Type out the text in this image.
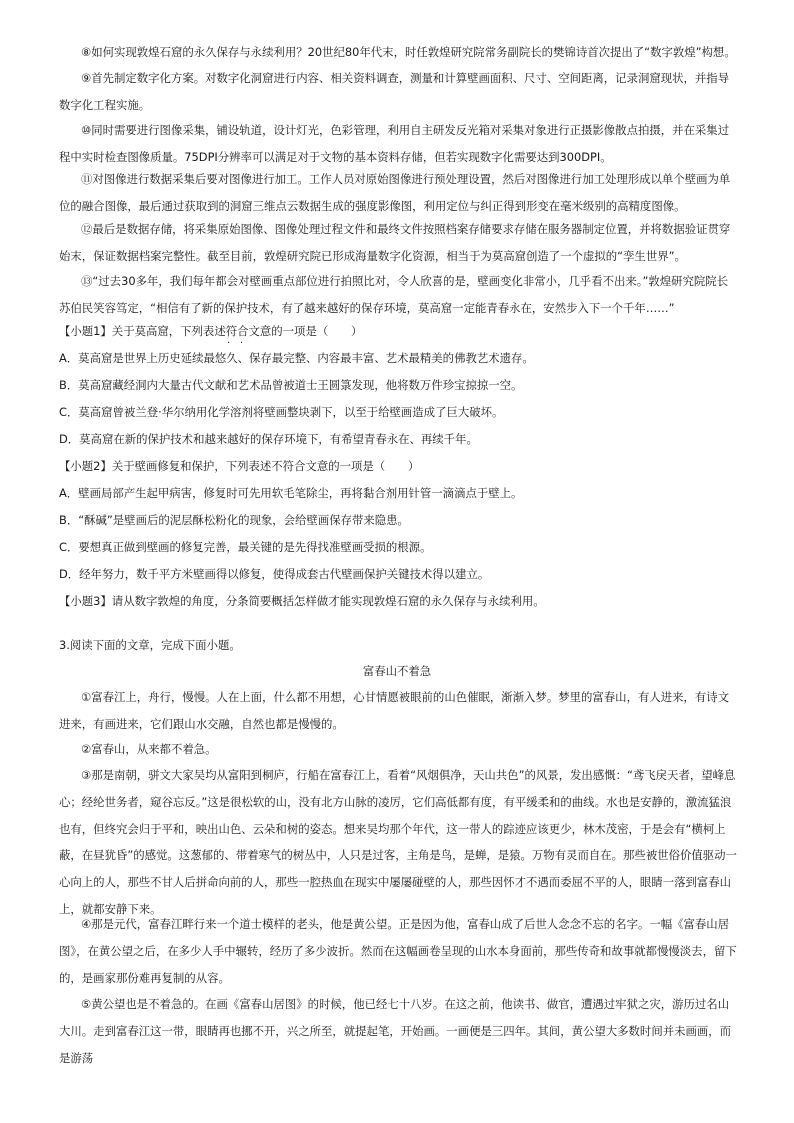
⑧如何实现敦煌石窟的永久保存与永续利用？20世纪80年代末，时任敦煌研究院常务副院长的樊锦诗首次提出了“数字敦煌”构想。

⑨首先制定数字化方案。对数字化洞窟进行内容、相关资料调查，测量和计算壁画面积、尺寸、空间距离，记录洞窟现状，并指导数字化工程实施。

⑩同时需要进行图像采集，铺设轨道，设计灯光，色彩管理，利用自主研发反光箱对采集对象进行正摄影像散点拍摄，并在采集过程中实时检查图像质量。75DPI分辨率可以满足对于文物的基本资料存储，但若实现数字化需要达到300DPI。

⑪对图像进行数据采集后要对图像进行加工。工作人员对原始图像进行预处理设置，然后对图像进行加工处理形成以单个壁画为单位的融合图像，最后通过获取到的洞窟三维点云数据生成的强度影像图，利用定位与纠正得到形变在毫米级别的高精度图像。

⑫最后是数据存储，将采集原始图像、图像处理过程文件和最终文件按照档案存储要求存储在服务器制定位置，并将数据验证贯穿始末，保证数据档案完整性。截至目前，敦煌研究院已形成海量数字化资源，相当于为莫高窟创造了一个虚拟的“孪生世界”。

⑬“过去30多年，我们每年都会对壁画重点部位进行拍照比对，令人欣喜的是，壁画变化非常小，几乎看不出来。”敦煌研究院院长苏伯民笑容笃定，“相信有了新的保护技术，有了越来越好的保存环境，莫高窟一定能青春永在，安然步入下一个千年……”

【小题1】关于莫高窟，下列表述符合文意的一项是（　　）

· ·

A．莫高窟是世界上历史延续最悠久、保存最完整、内容最丰富、艺术最精美的佛教艺术遗存。

B．莫高窟藏经洞内大量古代文献和艺术品曾被道士王圆箓发现，他将数万件珍宝掠掠一空。

C．莫高窟曾被兰登·华尔纳用化学溶剂将壁画整块剥下，以至于给壁画造成了巨大破坏。

D．莫高窟在新的保护技术和越来越好的保存环境下，有希望青春永在、再续千年。

【小题2】关于壁画修复和保护，下列表述不符合文意的一项是（　　）

A．壁画局部产生起甲病害，修复时可先用软毛笔除尘，再将黏合剂用针管一滴滴点于壁上。

B．“酥碱”是壁画后的泥层酥松粉化的现象，会给壁画保存带来隐患。

C．要想真正做到壁画的修复完善，最关键的是先得找准壁画受损的根源。

D．经年努力，数千平方米壁画得以修复，使得成套古代壁画保护关键技术得以建立。

【小题3】请从数字敦煌的角度，分条简要概括怎样做才能实现敦煌石窟的永久保存与永续利用。

3.阅读下面的文章，完成下面小题。

富春山不着急

①富春江上，舟行，慢慢。人在上面，什么都不用想，心甘情愿被眼前的山色催眠，渐渐入梦。梦里的富春山，有人进来，有诗文进来，有画进来，它们跟山水交融，自然也都是慢慢的。

②富春山，从来都不着急。

③那是南朝，骈文大家吴均从富阳到桐庐，行船在富春江上，看着“风烟俱净，天山共色”的风景，发出感慨：“鸢飞戾天者，望峰息心；经纶世务者，窥谷忘反。”这是很松软的山，没有北方山脉的凌厉，它们高低都有度，有平缓柔和的曲线。水也是安静的，激流猛浪也有，但终究会归于平和，映出山色、云朵和树的姿态。想来吴均那个年代，这一带人的踪迹应该更少，林木茂密，于是会有“横柯上蔽，在昼犹昏”的感觉。这葱郁的、带着寒气的树丛中，人只是过客，主角是鸟，是蝉，是猿。万物有灵而自在。那些被世俗价值驱动一心向上的人，那些不甘人后拼命向前的人，那些一腔热血在现实中屡屡碰壁的人，那些因怀才不遇而委屈不平的人，眼睛一落到富春山上，就都安静下来。

④那是元代，富春江畔行来一个道士模样的老头，他是黄公望。正是因为他，富春山成了后世人念念不忘的名字。一幅《富春山居图》，在黄公望之后，在多少人手中辗转，经历了多少波折。然而在这幅画卷呈现的山水本身面前，那些传奇和故事就都慢慢淡去，留下的，是画家那份难再复制的从容。

⑤黄公望也是不着急的。在画《富春山居图》的时候，他已经七十八岁。在这之前，他读书、做官，遭遇过牢狱之灾，游历过名山大川。走到富春江这一带，眼睛再也挪不开，兴之所至，就提起笔，开始画。一画便是三四年。其间，黄公望大多数时间并未画画，而是游荡
